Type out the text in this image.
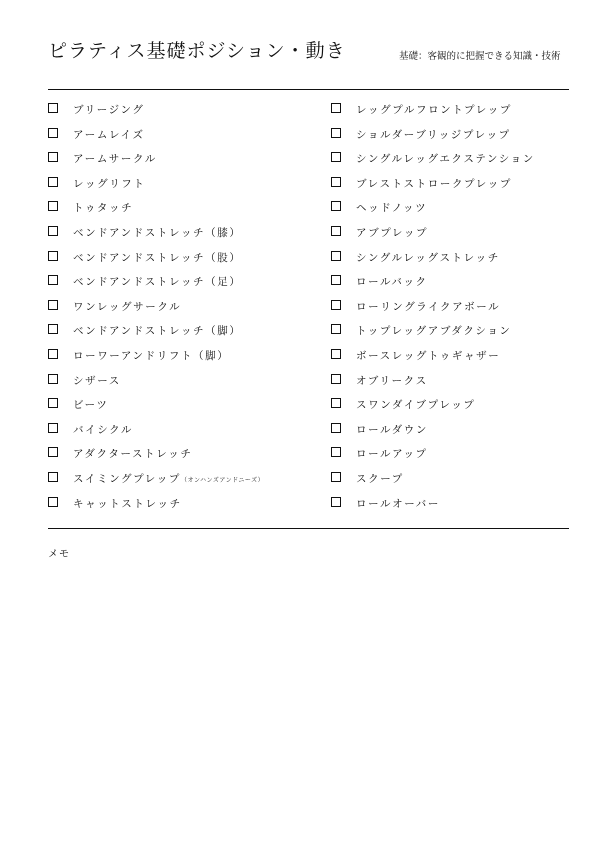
ピラティス基礎ポジション・動き	基礎：客観的に把握できる知識・技術
ブリージング
アームレイズ
アームサークル
レッグリフト
トゥタッチ
ベンドアンドストレッチ（膝）
ベンドアンドストレッチ（股）
ベンドアンドストレッチ（足）
ワンレッグサークル
ベンドアンドストレッチ（脚）
ローワーアンドリフト（脚）
シザース
ビーツ
バイシクル
アダクターストレッチ
スイミングプレップ（オンハンズアンドニーズ）
キャットストレッチ
レッグプルフロントプレップ
ショルダーブリッジプレップ
シングルレッグエクステンション
ブレストストロークプレップ
ヘッドノッツ
アブプレップ
シングルレッグストレッチ
ロールバック
ローリングライクアボール
トップレッグアブダクション
ボースレッグトゥギャザー
オブリークス
スワンダイブプレップ
ロールダウン
ロールアップ
スクープ
ロールオーバー
メモ
